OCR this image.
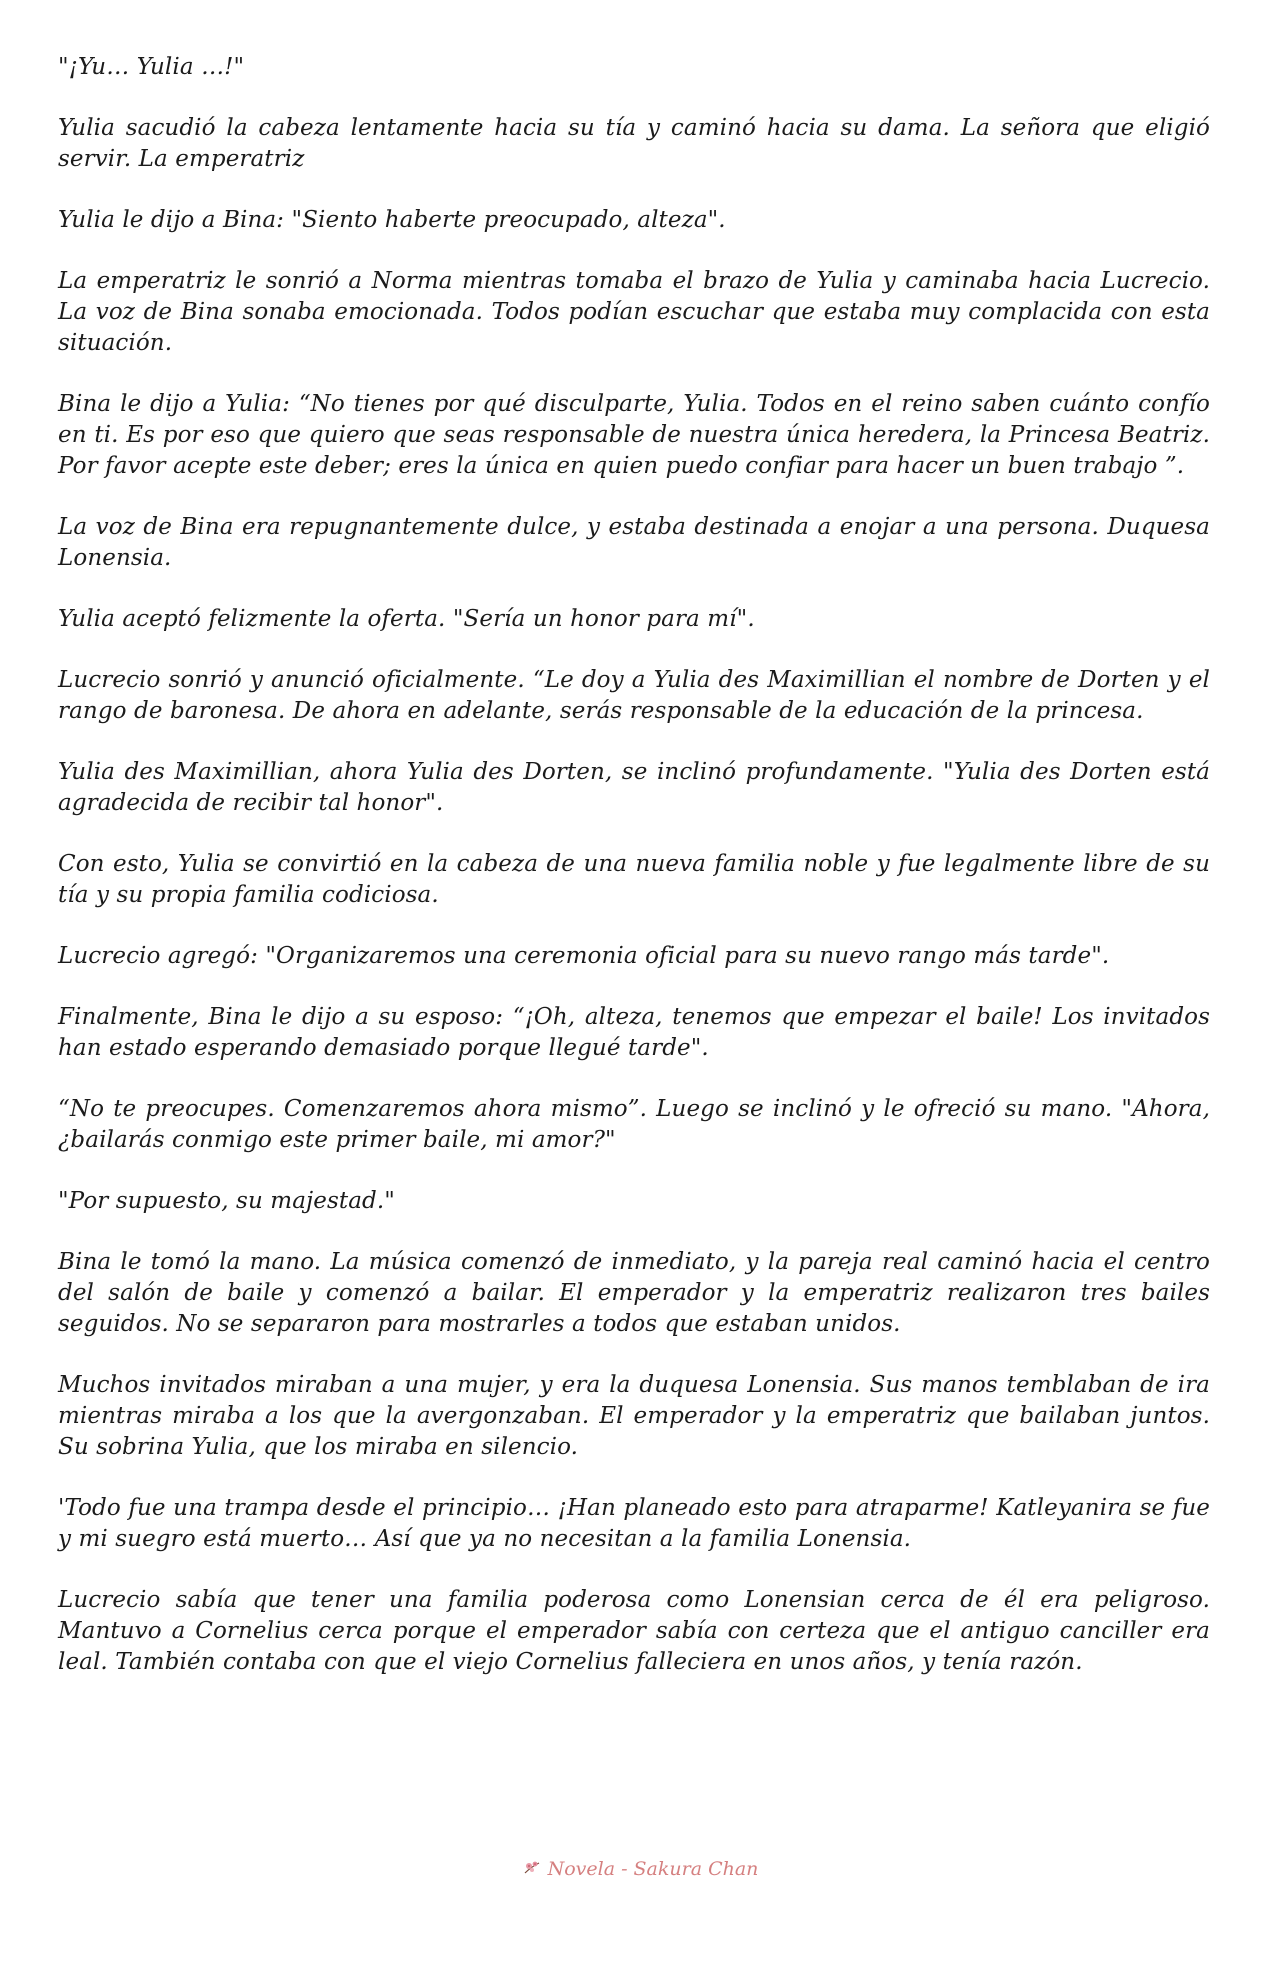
"¡Yu… Yulia …!"

Yulia sacudió la cabeza lentamente hacia su tía y caminó hacia su dama. La señora que eligió servir. La emperatriz

Yulia le dijo a Bina: "Siento haberte preocupado, alteza".

La emperatriz le sonrió a Norma mientras tomaba el brazo de Yulia y caminaba hacia Lucrecio. La voz de Bina sonaba emocionada. Todos podían escuchar que estaba muy complacida con esta situación.

Bina le dijo a Yulia: “No tienes por qué disculparte, Yulia. Todos en el reino saben cuánto confío en ti. Es por eso que quiero que seas responsable de nuestra única heredera, la Princesa Beatriz. Por favor acepte este deber; eres la única en quien puedo confiar para hacer un buen trabajo ”.

La voz de Bina era repugnantemente dulce, y estaba destinada a enojar a una persona. Duquesa Lonensia.

Yulia aceptó felizmente la oferta. "Sería un honor para mí".

Lucrecio sonrió y anunció oficialmente. “Le doy a Yulia des Maximillian el nombre de Dorten y el rango de baronesa. De ahora en adelante, serás responsable de la educación de la princesa.

Yulia des Maximillian, ahora Yulia des Dorten, se inclinó profundamente. "Yulia des Dorten está agradecida de recibir tal honor".

Con esto, Yulia se convirtió en la cabeza de una nueva familia noble y fue legalmente libre de su tía y su propia familia codiciosa.

Lucrecio agregó: "Organizaremos una ceremonia oficial para su nuevo rango más tarde".

Finalmente, Bina le dijo a su esposo: “¡Oh, alteza, tenemos que empezar el baile! Los invitados han estado esperando demasiado porque llegué tarde".

“No te preocupes. Comenzaremos ahora mismo”. Luego se inclinó y le ofreció su mano. "Ahora, ¿bailarás conmigo este primer baile, mi amor?"

"Por supuesto, su majestad."

Bina le tomó la mano. La música comenzó de inmediato, y la pareja real caminó hacia el centro del salón de baile y comenzó a bailar. El emperador y la emperatriz realizaron tres bailes seguidos. No se separaron para mostrarles a todos que estaban unidos.

Muchos invitados miraban a una mujer, y era la duquesa Lonensia. Sus manos temblaban de ira mientras miraba a los que la avergonzaban. El emperador y la emperatriz que bailaban juntos. Su sobrina Yulia, que los miraba en silencio.

'Todo fue una trampa desde el principio… ¡Han planeado esto para atraparme! Katleyanira se fue y mi suegro está muerto… Así que ya no necesitan a la familia Lonensia.

Lucrecio sabía que tener una familia poderosa como Lonensian cerca de él era peligroso. Mantuvo a Cornelius cerca porque el emperador sabía con certeza que el antiguo canciller era leal. También contaba con que el viejo Cornelius falleciera en unos años, y tenía razón.

Novela - Sakura Chan
